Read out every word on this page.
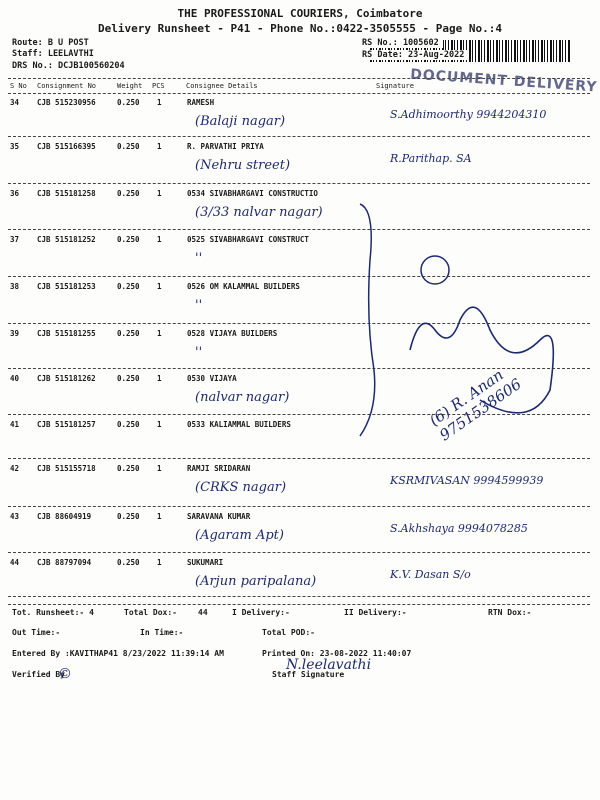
THE PROFESSIONAL COURIERS, Coimbatore
Delivery Runsheet - P41 - Phone No.:0422-3505555 - Page No.:4
Route: B U POST
Staff: LEELAVTHI
DRS No.: DCJB100560204
RS No.: 1005602
RS Date: 23-Aug-2022
DOCUMENT DELIVERY
S No Consignment No	Weight PCS	Consignee Details	Signature
34 CJB 515230956	0.250 1	RAMESH
(Balaji nagar)	S.Adhimoorthy 9944204310
35 CJB 515166395	0.250 1	R. PARVATHI PRIYA
(Nehru street)	R.Parithap. SA
36 CJB 515181258	0.250 1	0534 SIVABHARGAVI CONSTRUCTIO
(3/33 nalvar nagar)
37 CJB 515181252	0.250 1	0525 SIVABHARGAVI CONSTRUCT
''
38 CJB 515181253	0.250 1	0526 OM KALAMMAL BUILDERS
''
39 CJB 515181255	0.250 1	0528 VIJAYA BUILDERS
''
40 CJB 515181262	0.250 1	0530 VIJAYA
(nalvar nagar)
41 CJB 515181257	0.250 1	0533 KALIAMMAL BUILDERS
42 CJB 515155718	0.250 1	RAMJI SRIDARAN
(CRKS nagar)	KSRMIVASAN 9994599939
43 CJB 88604919	0.250 1	SARAVANA KUMAR
(Agaram Apt)	S.Akhshaya 9994078285
44 CJB 88797094	0.250 1	SUKUMARI
(Arjun paripalana)	K.V. Dasan S/o
(6) R. Anan 9751538606
Tot. Runsheet:- 4	Total Dox:-	44	I Delivery:-	II Delivery:-	RTN Dox:-
Out Time:-	In Time:-	Total POD:-
Entered By :KAVITHAP41 8/23/2022 11:39:14 AM	Printed On: 23-08-2022 11:40:07
Verified By
©
N.leelavathi
Staff Signature
